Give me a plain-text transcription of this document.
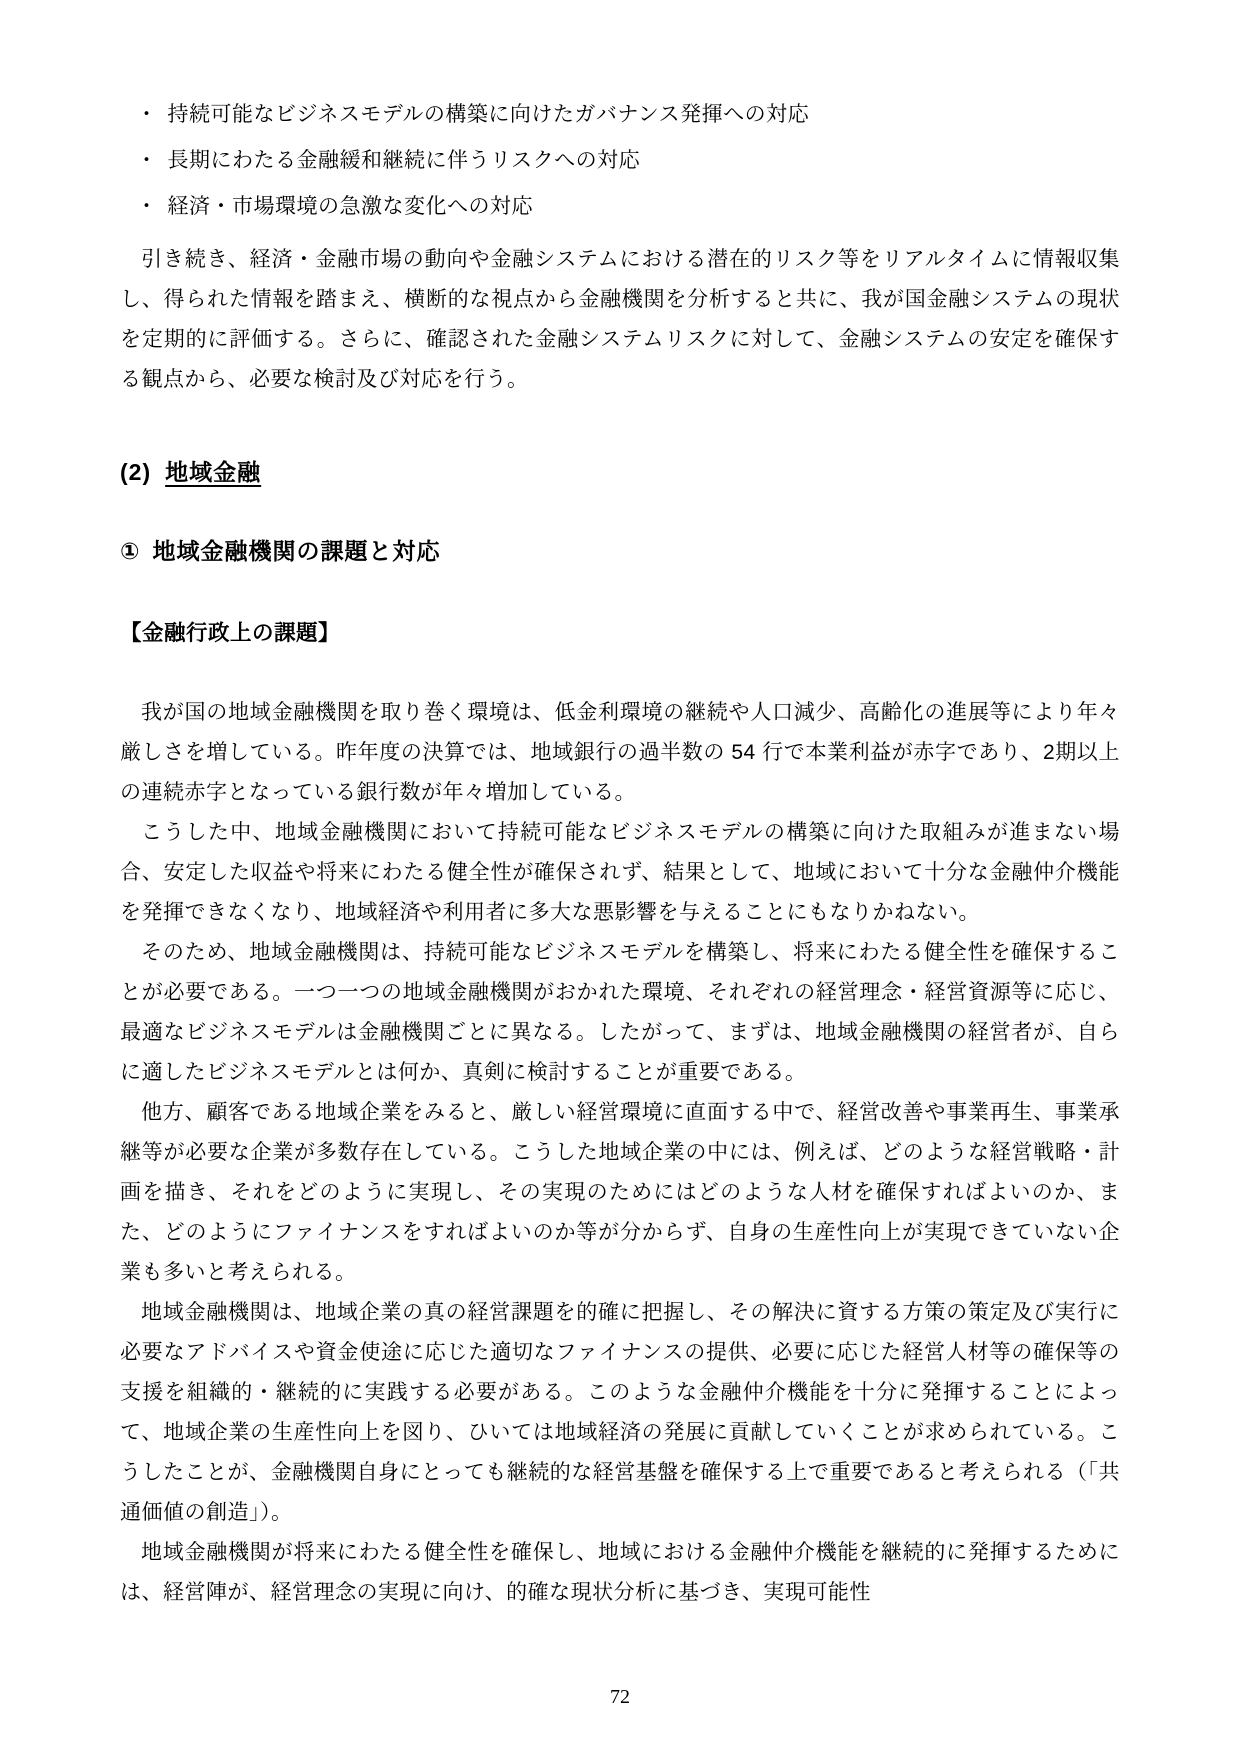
・ 持続可能なビジネスモデルの構築に向けたガバナンス発揮への対応
・ 長期にわたる金融緩和継続に伴うリスクへの対応
・ 経済・市場環境の急激な変化への対応

引き続き、経済・金融市場の動向や金融システムにおける潜在的リスク等をリアルタイムに情報収集し、得られた情報を踏まえ、横断的な視点から金融機関を分析すると共に、我が国金融システムの現状を定期的に評価する。さらに、確認された金融システムリスクに対して、金融システムの安定を確保する観点から、必要な検討及び対応を行う。

(2) 地域金融
① 地域金融機関の課題と対応
【金融行政上の課題】

我が国の地域金融機関を取り巻く環境は、低金利環境の継続や人口減少、高齢化の進展等により年々厳しさを増している。昨年度の決算では、地域銀行の過半数の 54 行で本業利益が赤字であり、2期以上の連続赤字となっている銀行数が年々増加している。

こうした中、地域金融機関において持続可能なビジネスモデルの構築に向けた取組みが進まない場合、安定した収益や将来にわたる健全性が確保されず、結果として、地域において十分な金融仲介機能を発揮できなくなり、地域経済や利用者に多大な悪影響を与えることにもなりかねない。

そのため、地域金融機関は、持続可能なビジネスモデルを構築し、将来にわたる健全性を確保することが必要である。一つ一つの地域金融機関がおかれた環境、それぞれの経営理念・経営資源等に応じ、最適なビジネスモデルは金融機関ごとに異なる。したがって、まずは、地域金融機関の経営者が、自らに適したビジネスモデルとは何か、真剣に検討することが重要である。

他方、顧客である地域企業をみると、厳しい経営環境に直面する中で、経営改善や事業再生、事業承継等が必要な企業が多数存在している。こうした地域企業の中には、例えば、どのような経営戦略・計画を描き、それをどのように実現し、その実現のためにはどのような人材を確保すればよいのか、また、どのようにファイナンスをすればよいのか等が分からず、自身の生産性向上が実現できていない企業も多いと考えられる。

地域金融機関は、地域企業の真の経営課題を的確に把握し、その解決に資する方策の策定及び実行に必要なアドバイスや資金使途に応じた適切なファイナンスの提供、必要に応じた経営人材等の確保等の支援を組織的・継続的に実践する必要がある。このような金融仲介機能を十分に発揮することによって、地域企業の生産性向上を図り、ひいては地域経済の発展に貢献していくことが求められている。こうしたことが、金融機関自身にとっても継続的な経営基盤を確保する上で重要であると考えられる（「共通価値の創造」）。

地域金融機関が将来にわたる健全性を確保し、地域における金融仲介機能を継続的に発揮するためには、経営陣が、経営理念の実現に向け、的確な現状分析に基づき、実現可能性

72
